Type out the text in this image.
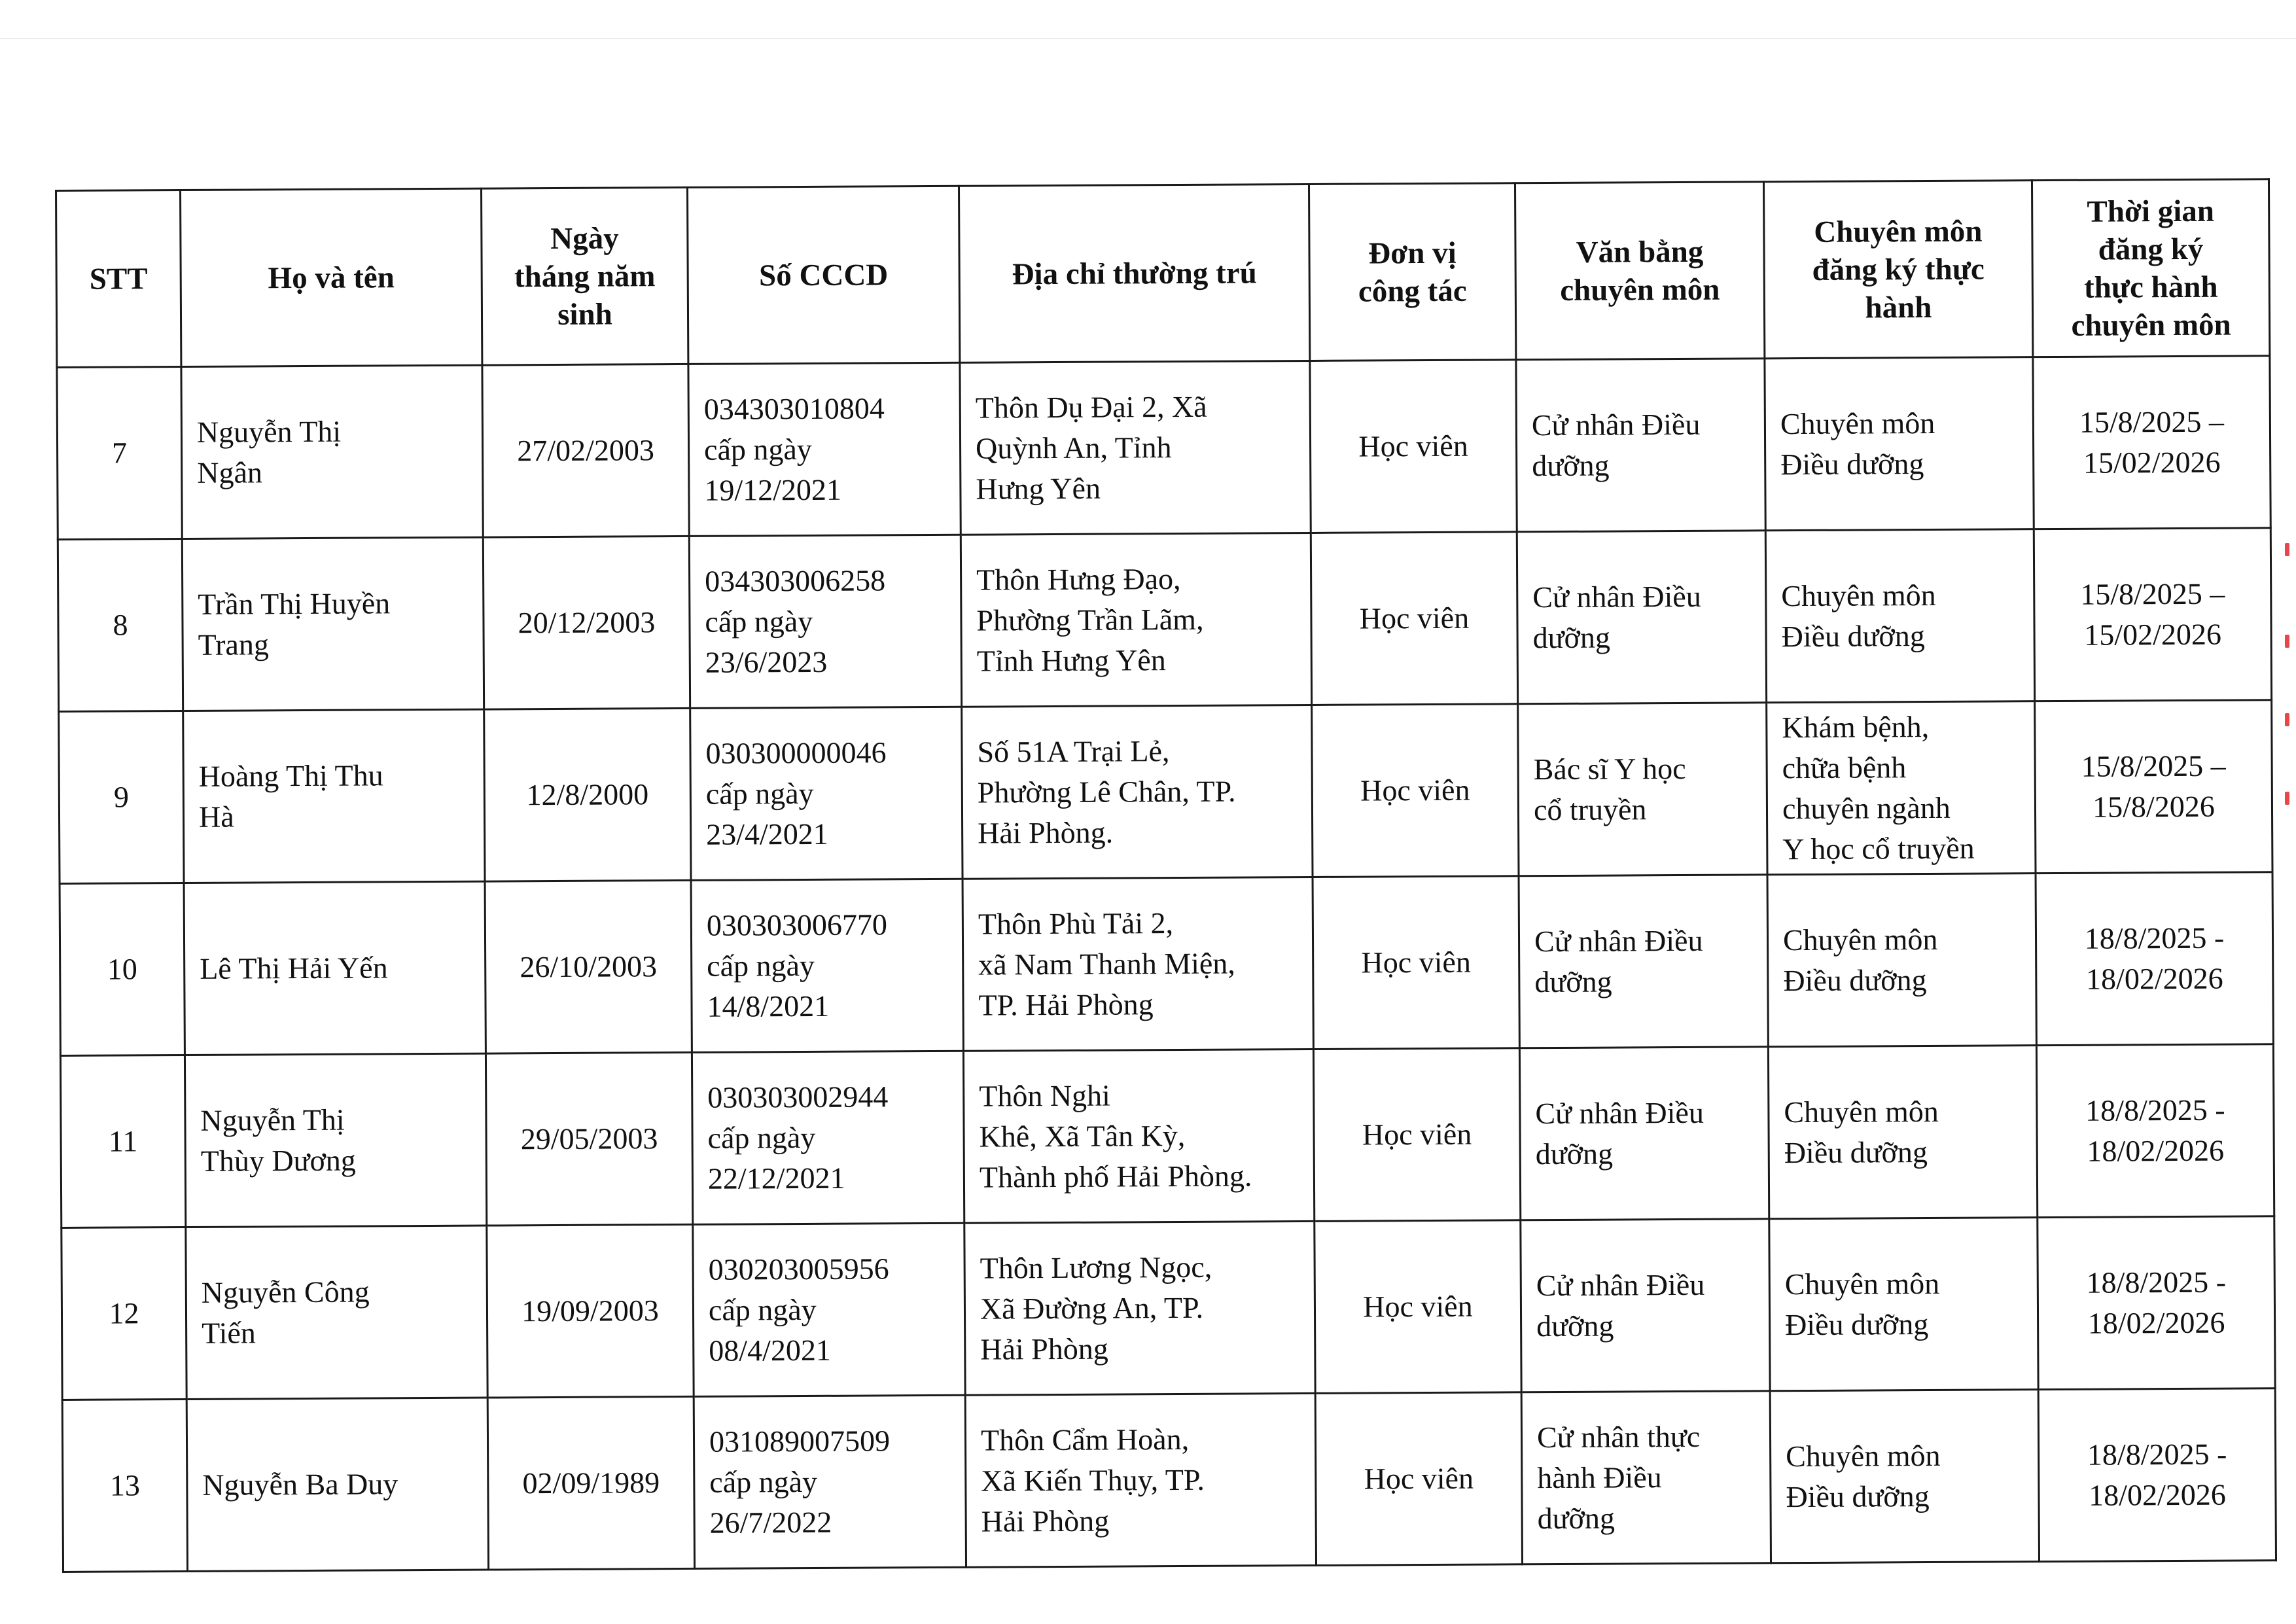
STT	Họ và tên	Ngày
tháng năm
sinh	Số CCCD	Địa chỉ thường trú	Đơn vị
công tác	Văn bằng
chuyên môn	Chuyên môn
đăng ký thực
hành	Thời gian
đăng ký
thực hành
chuyên môn
7	Nguyễn Thị
Ngân	27/02/2003	034303010804
cấp ngày
19/12/2021	Thôn Dụ Đại 2, Xã
Quỳnh An, Tỉnh
Hưng Yên	Học viên	Cử nhân Điều
dưỡng	Chuyên môn
Điều dưỡng	15/8/2025 –
15/02/2026
8	Trần Thị Huyền
Trang	20/12/2003	034303006258
cấp ngày
23/6/2023	Thôn Hưng Đạo,
Phường Trần Lãm,
Tỉnh Hưng Yên	Học viên	Cử nhân Điều
dưỡng	Chuyên môn
Điều dưỡng	15/8/2025 –
15/02/2026
9	Hoàng Thị Thu
Hà	12/8/2000	030300000046
cấp ngày
23/4/2021	Số 51A Trại Lẻ,
Phường Lê Chân, TP.
Hải Phòng.	Học viên	Bác sĩ Y học
cổ truyền	Khám bệnh,
chữa bệnh
chuyên ngành
Y học cổ truyền	15/8/2025 –
15/8/2026
10	Lê Thị Hải Yến	26/10/2003	030303006770
cấp ngày
14/8/2021	Thôn Phù Tải 2,
xã Nam Thanh Miện,
TP. Hải Phòng	Học viên	Cử nhân Điều
dưỡng	Chuyên môn
Điều dưỡng	18/8/2025 -
18/02/2026
11	Nguyễn Thị
Thùy Dương	29/05/2003	030303002944
cấp ngày
22/12/2021	Thôn Nghi
Khê, Xã Tân Kỳ,
Thành phố Hải Phòng.	Học viên	Cử nhân Điều
dưỡng	Chuyên môn
Điều dưỡng	18/8/2025 -
18/02/2026
12	Nguyễn Công
Tiến	19/09/2003	030203005956
cấp ngày
08/4/2021	Thôn Lương Ngọc,
Xã Đường An, TP.
Hải Phòng	Học viên	Cử nhân Điều
dưỡng	Chuyên môn
Điều dưỡng	18/8/2025 -
18/02/2026
13	Nguyễn Ba Duy	02/09/1989	031089007509
cấp ngày
26/7/2022	Thôn Cẩm Hoàn,
Xã Kiến Thụy, TP.
Hải Phòng	Học viên	Cử nhân thực
hành Điều
dưỡng	Chuyên môn
Điều dưỡng	18/8/2025 -
18/02/2026
